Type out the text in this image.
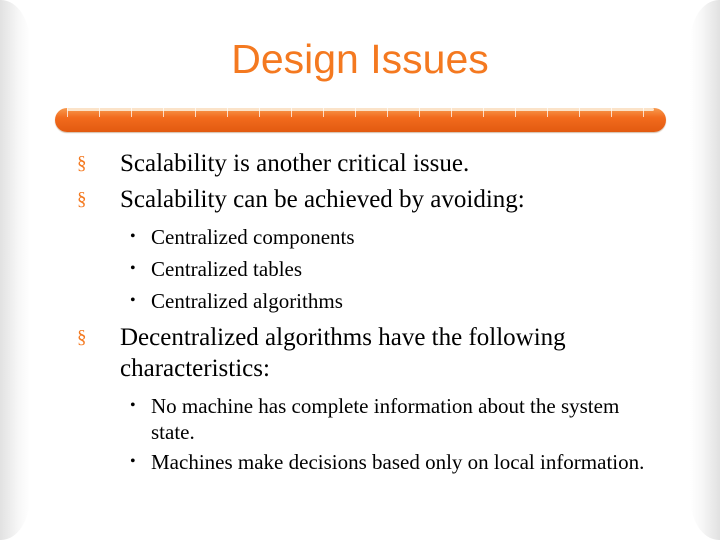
Design Issues
§ Scalability is another critical issue.
§ Scalability can be achieved by avoiding:
• Centralized components
• Centralized tables
• Centralized algorithms
§ Decentralized algorithms have the following characteristics:
• No machine has complete information about the system state.
• Machines make decisions based only on local information.
